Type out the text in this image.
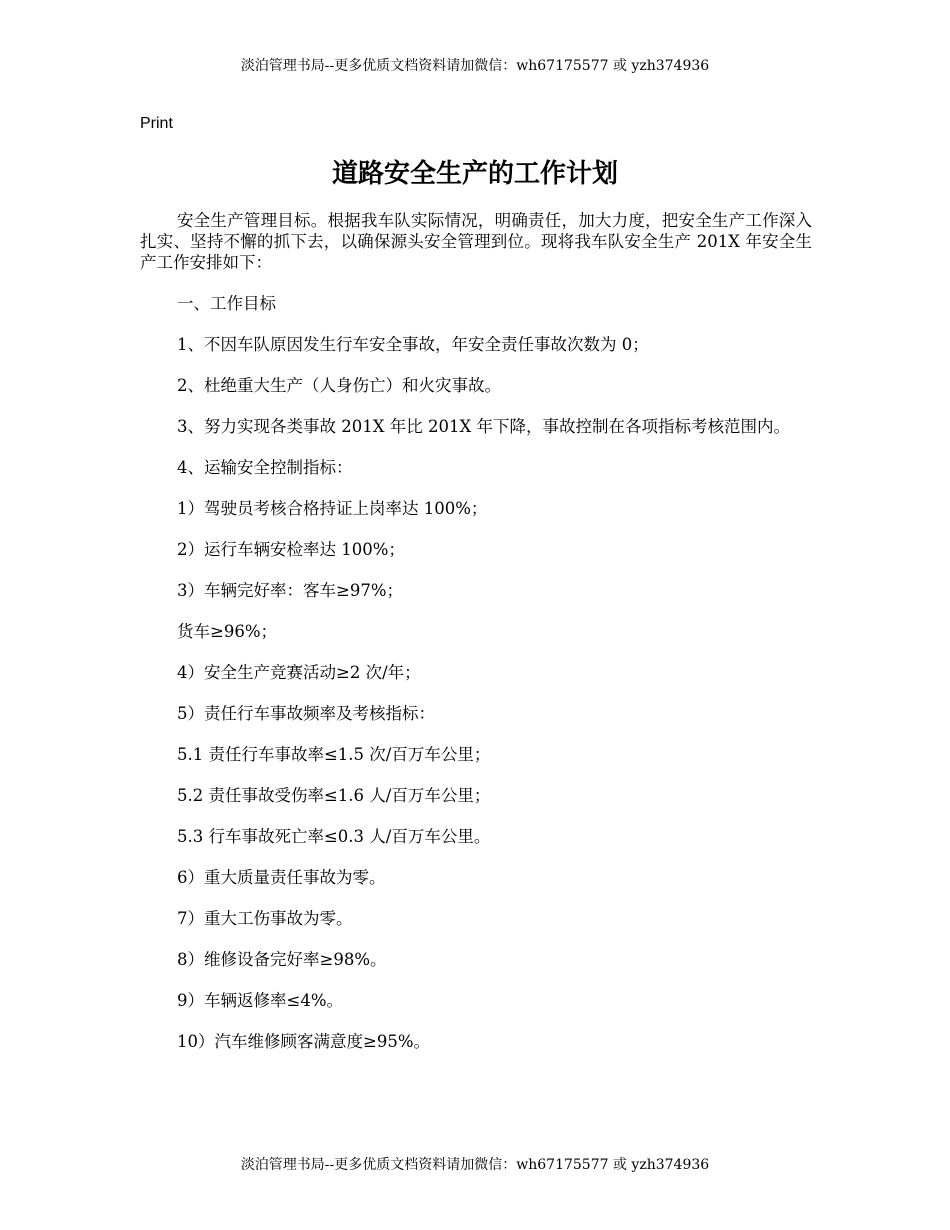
淡泊管理书局--更多优质文档资料请加微信：wh67175577 或 yzh374936
Print
道路安全生产的工作计划

安全生产管理目标。根据我车队实际情况，明确责任，加大力度，把安全生产工作深入扎实、坚持不懈的抓下去，以确保源头安全管理到位。现将我车队安全生产 201X 年安全生产工作安排如下：

一、工作目标

1、不因车队原因发生行车安全事故，年安全责任事故次数为 0；

2、杜绝重大生产（人身伤亡）和火灾事故。

3、努力实现各类事故 201X 年比 201X 年下降，事故控制在各项指标考核范围内。

4、运输安全控制指标：

1）驾驶员考核合格持证上岗率达 100%；

2）运行车辆安检率达 100%；

3）车辆完好率：客车≥97%；

货车≥96%；

4）安全生产竞赛活动≥2 次/年；

5）责任行车事故频率及考核指标：

5.1 责任行车事故率≤1.5 次/百万车公里；

5.2 责任事故受伤率≤1.6 人/百万车公里；

5.3 行车事故死亡率≤0.3 人/百万车公里。

6）重大质量责任事故为零。

7）重大工伤事故为零。

8）维修设备完好率≥98%。

9）车辆返修率≤4%。

10）汽车维修顾客满意度≥95%。

淡泊管理书局--更多优质文档资料请加微信：wh67175577 或 yzh374936
